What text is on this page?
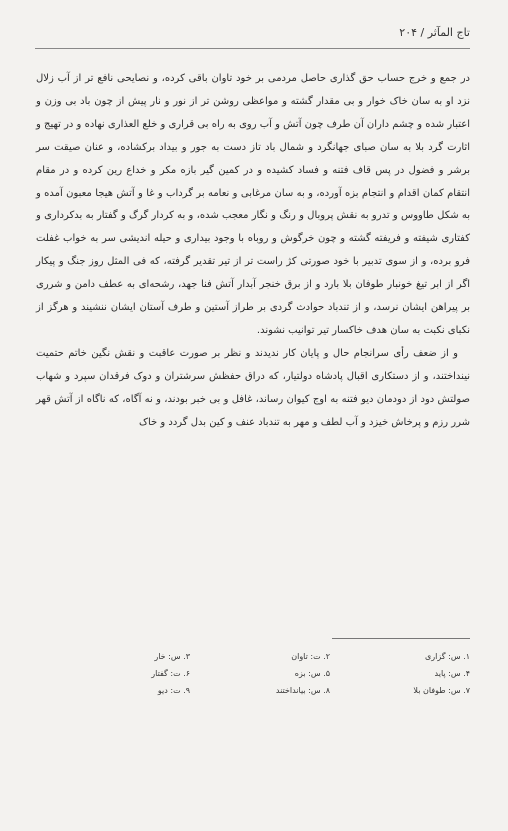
تاج المآثر / ۲۰۴

در جمع و خرج حساب حق گذاری حاصل مردمی بر خود تاوان باقی کرده، و نصایحی نافع تر از آب زلال نزد او به سان خاک خوار و بی مقدار گشته و مواعظی روشن تر از نور و نار پیش از چون باد بی وزن و اعتبار شده و چشم داران آن طرف چون آتش و آب روی به راه بی قراری و خلع العذاری نهاده و در تهیج و اثارت گرد بلا به سان صبای جهانگرد و شمال باد تاز دست به جور و بیداد برکشاده، و عنان صیقت سر برشر و فضول در پس قاف فتنه و فساد کشیده و در کمین گیر بازه مکر و خداع رین کرده و در مقام انتقام کمان اقدام و انتجام بزه آورده، و به سان مرغابی و نعامه بر گرداب و غا و آتش هیجا معبون آمده و به شکل طاووس و تدرو به نقش پروبال و رنگ و نگار معجب شده، و به کردار گرگ و گفتار به بدکرداری و کفتاری شیفته و فریفته گشته و چون خرگوش و روباه با وجود بیداری و حیله اندیشی سر به خواب غفلت فرو برده، و از سوی تدبیر با خود صورتی کژ راست تر از تیر تقدیر گرفته، که فی المثل روز جنگ و پیکار اگر از ابر تیغ خونبار طوفان بلا بارد و از برق خنجر آبدار آتش فنا جهد، رشحه‌ای به عطف دامن و شرری بر پیراهن ایشان نرسد، و از تندباد حوادث گردی بر طراز آستین و طرف آستان ایشان ننشیند و هرگز از نکبای نکبت به سان هدف خاکسار تیر توانیب نشوند.

و از ضعف رأی سرانجام حال و پایان کار ندیدند و نظر بر صورت عاقبت و نقش نگین خاتم حتمیت نینداختند، و از دستکاری اقبال پادشاه دولتیار، که دراق حفظش سرشتران و دوک فرقدان سپرد و شهاب صولتش دود از دودمان دیو فتنه به اوج کیوان رساند، غافل و بی خبر بودند، و نه آگاه، که ناگاه از آتش قهر شرر رزم و پرخاش خیزد و آب لطف و مهر به تندباد عنف و کین بدل گردد و خاک

۱. س: گزاری
۲. ت: تاوان
۳. س: خار
۴. س: پاید
۵. س: بزه
۶. ت: گفتار
۷. س: طوفان بلا
۸. س: بیانداختند
۹. ت: دیو
